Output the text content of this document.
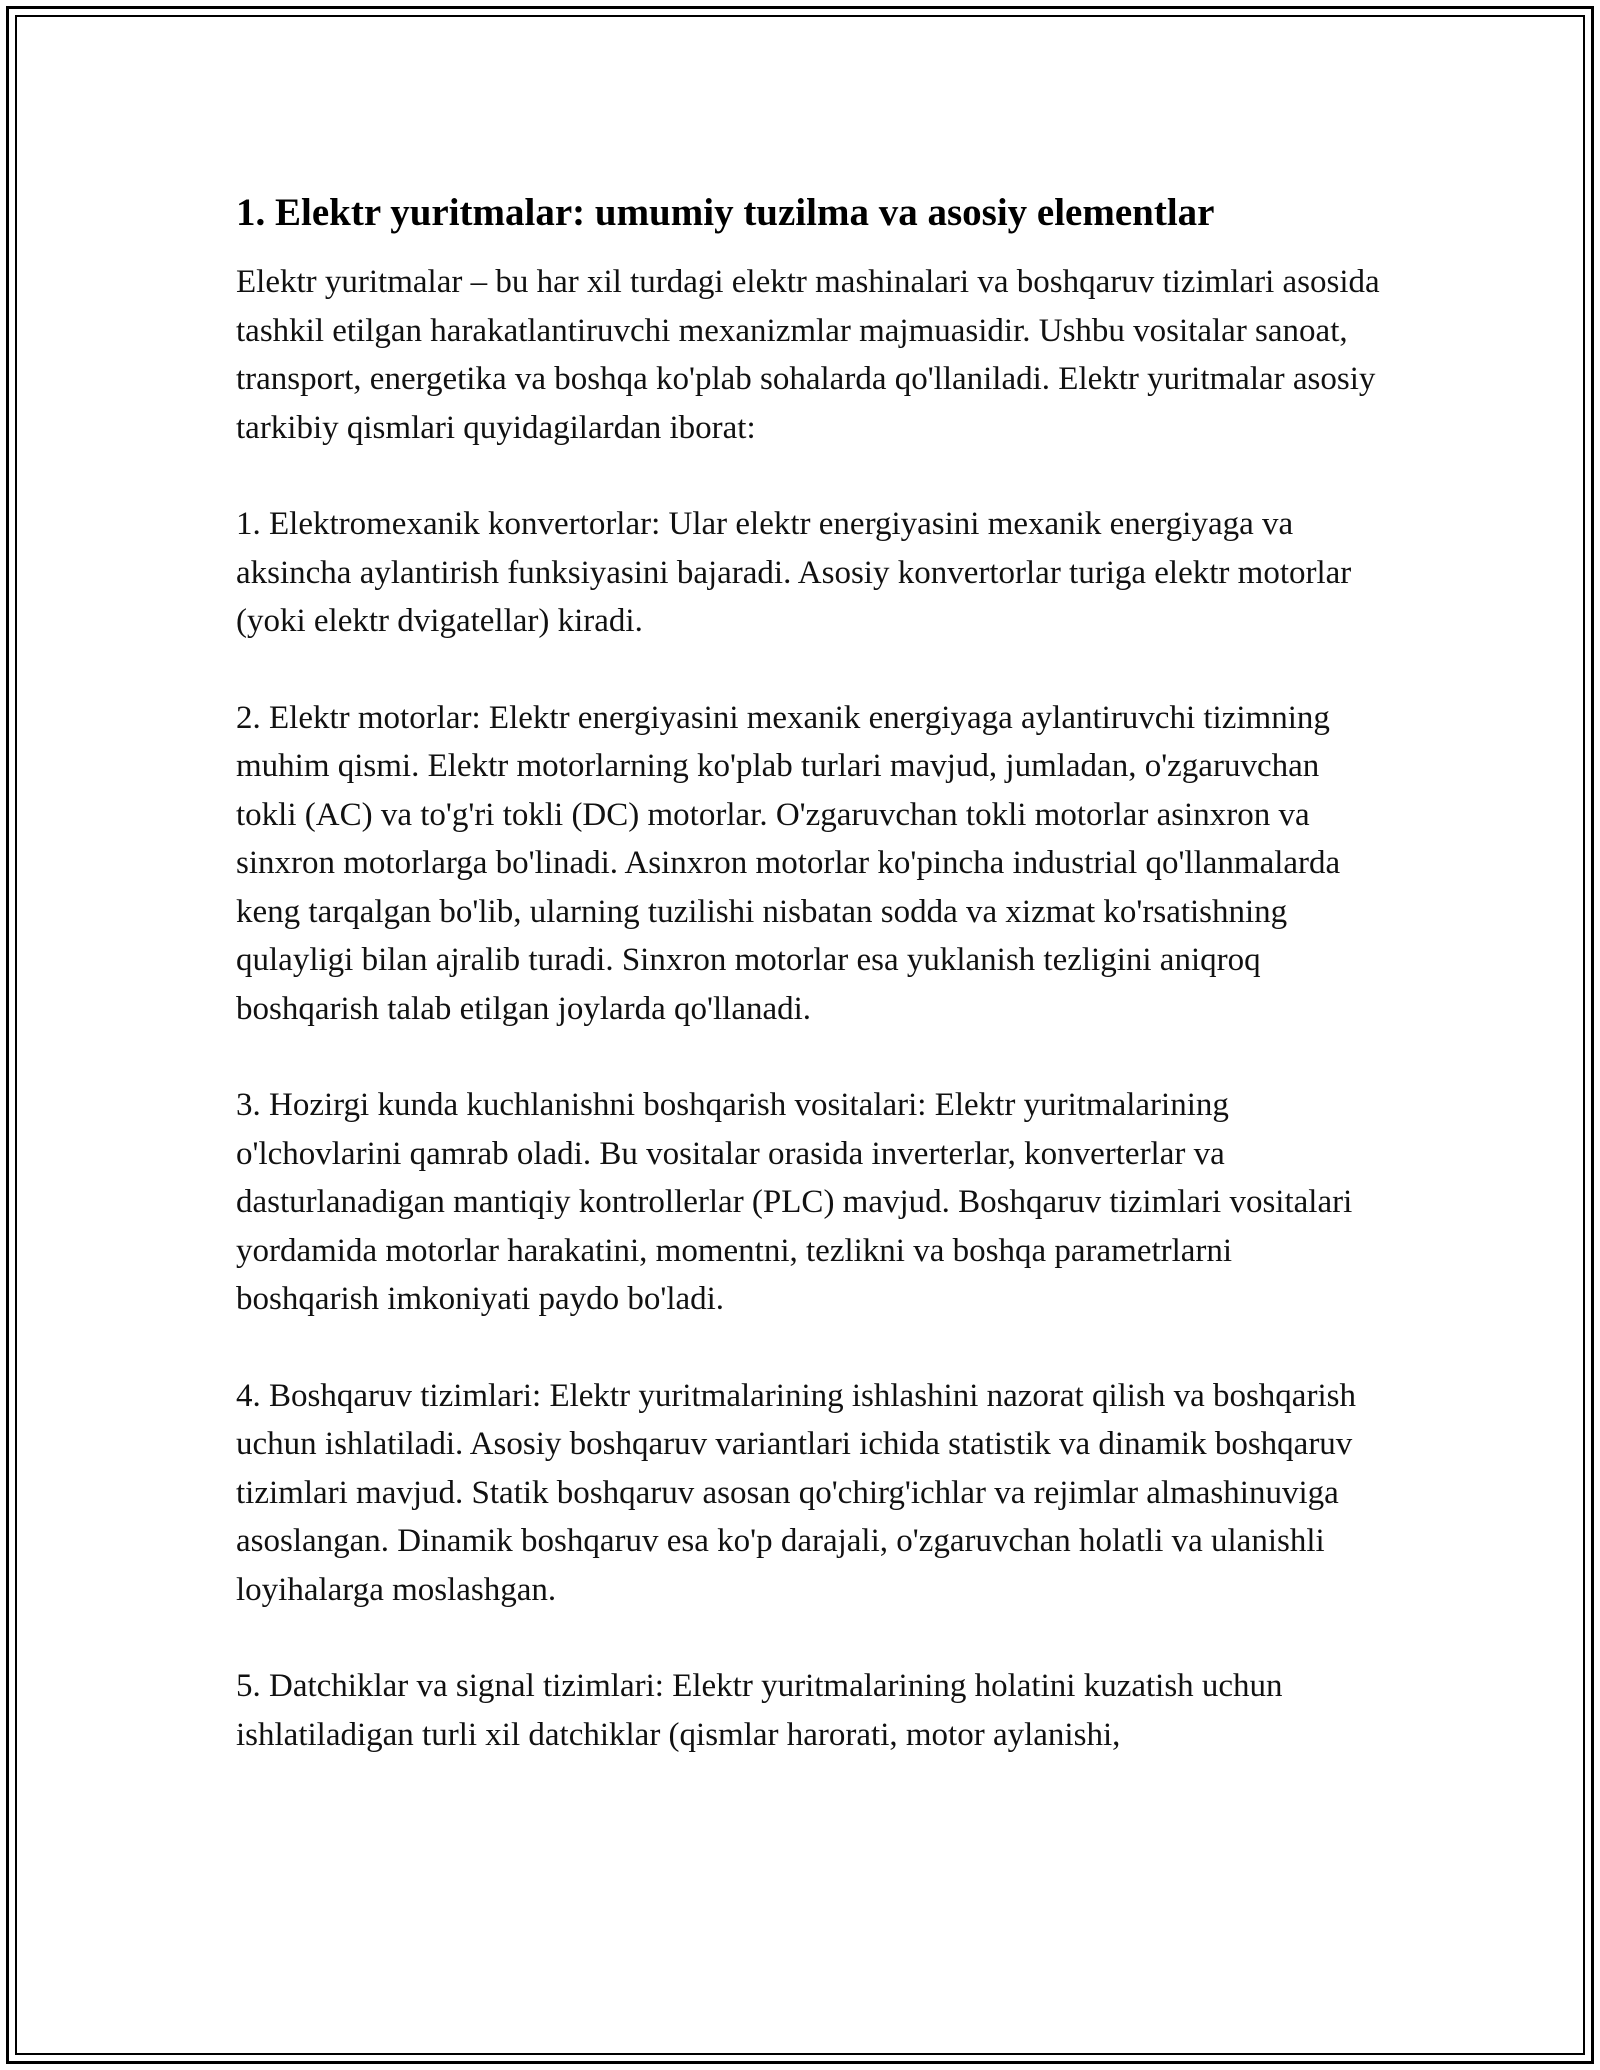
1. Elektr yuritmalar: umumiy tuzilma va asosiy elementlar

Elektr yuritmalar – bu har xil turdagi elektr mashinalari va boshqaruv tizimlari asosida tashkil etilgan harakatlantiruvchi mexanizmlar majmuasidir. Ushbu vositalar sanoat, transport, energetika va boshqa ko'plab sohalarda qo'llaniladi. Elektr yuritmalar asosiy tarkibiy qismlari quyidagilardan iborat:

1. Elektromexanik konvertorlar: Ular elektr energiyasini mexanik energiyaga va aksincha aylantirish funksiyasini bajaradi. Asosiy konvertorlar turiga elektr motorlar (yoki elektr dvigatellar) kiradi.

2. Elektr motorlar: Elektr energiyasini mexanik energiyaga aylantiruvchi tizimning muhim qismi. Elektr motorlarning ko'plab turlari mavjud, jumladan, o'zgaruvchan tokli (AC) va to'g'ri tokli (DC) motorlar. O'zgaruvchan tokli motorlar asinxron va sinxron motorlarga bo'linadi. Asinxron motorlar ko'pincha industrial qo'llanmalarda keng tarqalgan bo'lib, ularning tuzilishi nisbatan sodda va xizmat ko'rsatishning qulayligi bilan ajralib turadi. Sinxron motorlar esa yuklanish tezligini aniqroq boshqarish talab etilgan joylarda qo'llanadi.

3. Hozirgi kunda kuchlanishni boshqarish vositalari: Elektr yuritmalarining o'lchovlarini qamrab oladi. Bu vositalar orasida inverterlar, konverterlar va dasturlanadigan mantiqiy kontrollerlar (PLC) mavjud. Boshqaruv tizimlari vositalari yordamida motorlar harakatini, momentni, tezlikni va boshqa parametrlarni boshqarish imkoniyati paydo bo'ladi.

4. Boshqaruv tizimlari: Elektr yuritmalarining ishlashini nazorat qilish va boshqarish uchun ishlatiladi. Asosiy boshqaruv variantlari ichida statistik va dinamik boshqaruv tizimlari mavjud. Statik boshqaruv asosan qo'chirg'ichlar va rejimlar almashinuviga asoslangan. Dinamik boshqaruv esa ko'p darajali, o'zgaruvchan holatli va ulanishli loyihalarga moslashgan.

5. Datchiklar va signal tizimlari: Elektr yuritmalarining holatini kuzatish uchun ishlatiladigan turli xil datchiklar (qismlar harorati, motor aylanishi,
